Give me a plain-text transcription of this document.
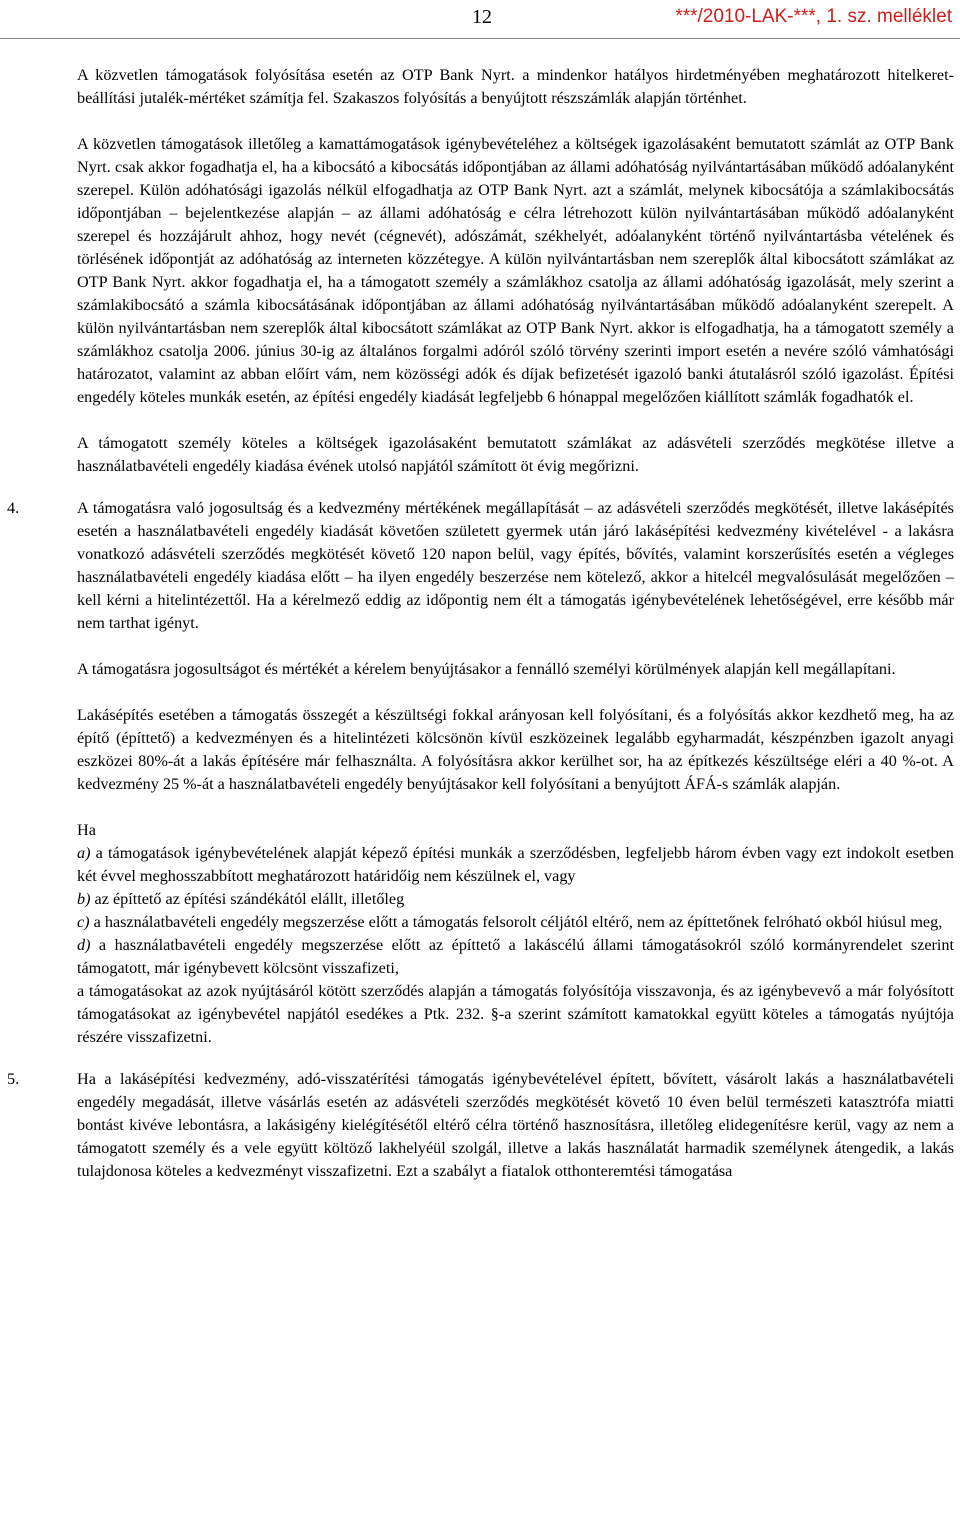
12	***/2010-LAK-***, 1. sz. melléklet

A közvetlen támogatások folyósítása esetén az OTP Bank Nyrt. a mindenkor hatályos hirdetményében meghatározott hitelkeret-beállítási jutalék-mértéket számítja fel. Szakaszos folyósítás a benyújtott részszámlák alapján történhet.

A közvetlen támogatások illetőleg a kamattámogatások igénybevételéhez a költségek igazolásaként bemutatott számlát az OTP Bank Nyrt. csak akkor fogadhatja el, ha a kibocsátó a kibocsátás időpontjában az állami adóhatóság nyilvántartásában működő adóalanyként szerepel. Külön adóhatósági igazolás nélkül elfogadhatja az OTP Bank Nyrt. azt a számlát, melynek kibocsátója a számlakibocsátás időpontjában – bejelentkezése alapján – az állami adóhatóság e célra létrehozott külön nyilvántartásában működő adóalanyként szerepel és hozzájárult ahhoz, hogy nevét (cégnevét), adószámát, székhelyét, adóalanyként történő nyilvántartásba vételének és törlésének időpontját az adóhatóság az interneten közzétegye. A külön nyilvántartásban nem szereplők által kibocsátott számlákat az OTP Bank Nyrt. akkor fogadhatja el, ha a támogatott személy a számlákhoz csatolja az állami adóhatóság igazolását, mely szerint a számlakibocsátó a számla kibocsátásának időpontjában az állami adóhatóság nyilvántartásában működő adóalanyként szerepelt. A külön nyilvántartásban nem szereplők által kibocsátott számlákat az OTP Bank Nyrt. akkor is elfogadhatja, ha a támogatott személy a számlákhoz csatolja 2006. június 30-ig az általános forgalmi adóról szóló törvény szerinti import esetén a nevére szóló vámhatósági határozatot, valamint az abban előírt vám, nem közösségi adók és díjak befizetését igazoló banki átutalásról szóló igazolást. Építési engedély köteles munkák esetén, az építési engedély kiadását legfeljebb 6 hónappal megelőzően kiállított számlák fogadhatók el.

A támogatott személy köteles a költségek igazolásaként bemutatott számlákat az adásvételi szerződés megkötése illetve a használatbavételi engedély kiadása évének utolsó napjától számított öt évig megőrizni.

4.	A támogatásra való jogosultság és a kedvezmény mértékének megállapítását – az adásvételi szerződés megkötését, illetve lakásépítés esetén a használatbavételi engedély kiadását követően született gyermek után járó lakásépítési kedvezmény kivételével - a lakásra vonatkozó adásvételi szerződés megkötését követő 120 napon belül, vagy építés, bővítés, valamint korszerűsítés esetén a végleges használatbavételi engedély kiadása előtt – ha ilyen engedély beszerzése nem kötelező, akkor a hitelcél megvalósulását megelőzően – kell kérni a hitelintézettől. Ha a kérelmező eddig az időpontig nem élt a támogatás igénybevételének lehetőségével, erre később már nem tarthat igényt.

A támogatásra jogosultságot és mértékét a kérelem benyújtásakor a fennálló személyi körülmények alapján kell megállapítani.

Lakásépítés esetében a támogatás összegét a készültségi fokkal arányosan kell folyósítani, és a folyósítás akkor kezdhető meg, ha az építő (építtető) a kedvezményen és a hitelintézeti kölcsönön kívül eszközeinek legalább egyharmadát, készpénzben igazolt anyagi eszközei 80%-át a lakás építésére már felhasználta. A folyósításra akkor kerülhet sor, ha az építkezés készültsége eléri a 40 %-ot. A kedvezmény 25 %-át a használatbavételi engedély benyújtásakor kell folyósítani a benyújtott ÁFÁ-s számlák alapján.

Ha

a) a támogatások igénybevételének alapját képező építési munkák a szerződésben, legfeljebb három évben vagy ezt indokolt esetben két évvel meghosszabbított meghatározott határidőig nem készülnek el, vagy

b) az építtető az építési szándékától elállt, illetőleg

c) a használatbavételi engedély megszerzése előtt a támogatás felsorolt céljától eltérő, nem az építtetőnek felróható okból hiúsul meg,

d) a használatbavételi engedély megszerzése előtt az építtető a lakáscélú állami támogatásokról szóló kormányrendelet szerint támogatott, már igénybevett kölcsönt visszafizeti,

a támogatásokat az azok nyújtásáról kötött szerződés alapján a támogatás folyósítója visszavonja, és az igénybevevő a már folyósított támogatásokat az igénybevétel napjától esedékes a Ptk. 232. §-a szerint számított kamatokkal együtt köteles a támogatás nyújtója részére visszafizetni.

5.	Ha a lakásépítési kedvezmény, adó-visszatérítési támogatás igénybevételével épített, bővített, vásárolt lakás a használatbavételi engedély megadását, illetve vásárlás esetén az adásvételi szerződés megkötését követő 10 éven belül természeti katasztrófa miatti bontást kivéve lebontásra, a lakásigény kielégítésétől eltérő célra történő hasznosításra, illetőleg elidegenítésre kerül, vagy az nem a támogatott személy és a vele együtt költöző lakhelyéül szolgál, illetve a lakás használatát harmadik személynek átengedik, a lakás tulajdonosa köteles a kedvezményt visszafizetni. Ezt a szabályt a fiatalok otthonteremtési támogatása
